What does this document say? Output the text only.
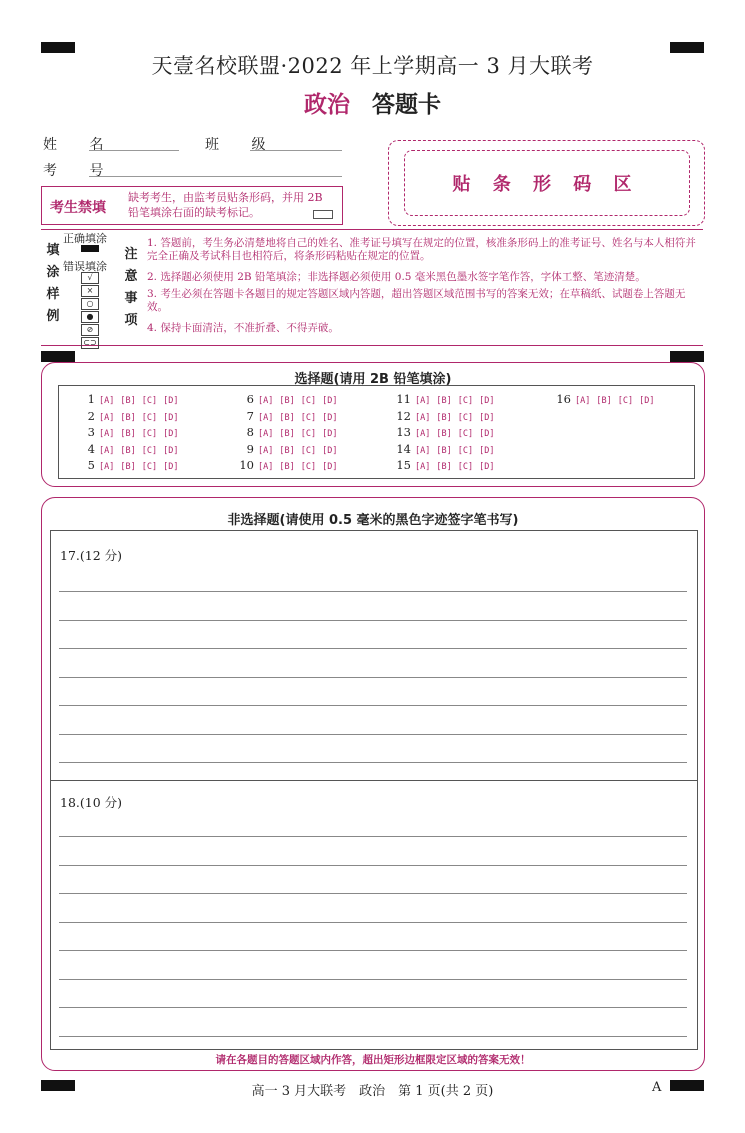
天壹名校联盟·2022 年上学期高一 3 月大联考
政治 答题卡
姓 名	班 级
考 号
考生禁填
缺考考生，由监考员贴条形码，并用 2B 铅笔填涂右面的缺考标记。
贴 条 形 码 区
填
涂
样
例
正确填涂
错误填涂
√
×
○
●
⊘
⊂⊃
注
意
事
项
1. 答题前，考生务必清楚地将自己的姓名、准考证号填写在规定的位置，核准条形码上的准考证号、姓名与本人相符并完全正确及考试科目也相符后，将条形码粘贴在规定的位置。
2. 选择题必须使用 2B 铅笔填涂；非选择题必须使用 0.5 毫米黑色墨水签字笔作答，字体工整、笔迹清楚。
3. 考生必须在答题卡各题目的规定答题区域内答题，超出答题区域范围书写的答案无效；在草稿纸、试题卷上答题无效。
4. 保持卡面清洁，不准折叠、不得弄破。
选择题(请用 2B 铅笔填涂)
1 [A] [B] [C] [D]
2 [A] [B] [C] [D]
3 [A] [B] [C] [D]
4 [A] [B] [C] [D]
5 [A] [B] [C] [D]
6 [A] [B] [C] [D]
7 [A] [B] [C] [D]
8 [A] [B] [C] [D]
9 [A] [B] [C] [D]
10 [A] [B] [C] [D]
11 [A] [B] [C] [D]
12 [A] [B] [C] [D]
13 [A] [B] [C] [D]
14 [A] [B] [C] [D]
15 [A] [B] [C] [D]
16 [A] [B] [C] [D]
非选择题(请使用 0.5 毫米的黑色字迹签字笔书写)
17.(12 分)
18.(10 分)
请在各题目的答题区域内作答，超出矩形边框限定区域的答案无效！
高一 3 月大联考　政治　第 1 页(共 2 页)	A
